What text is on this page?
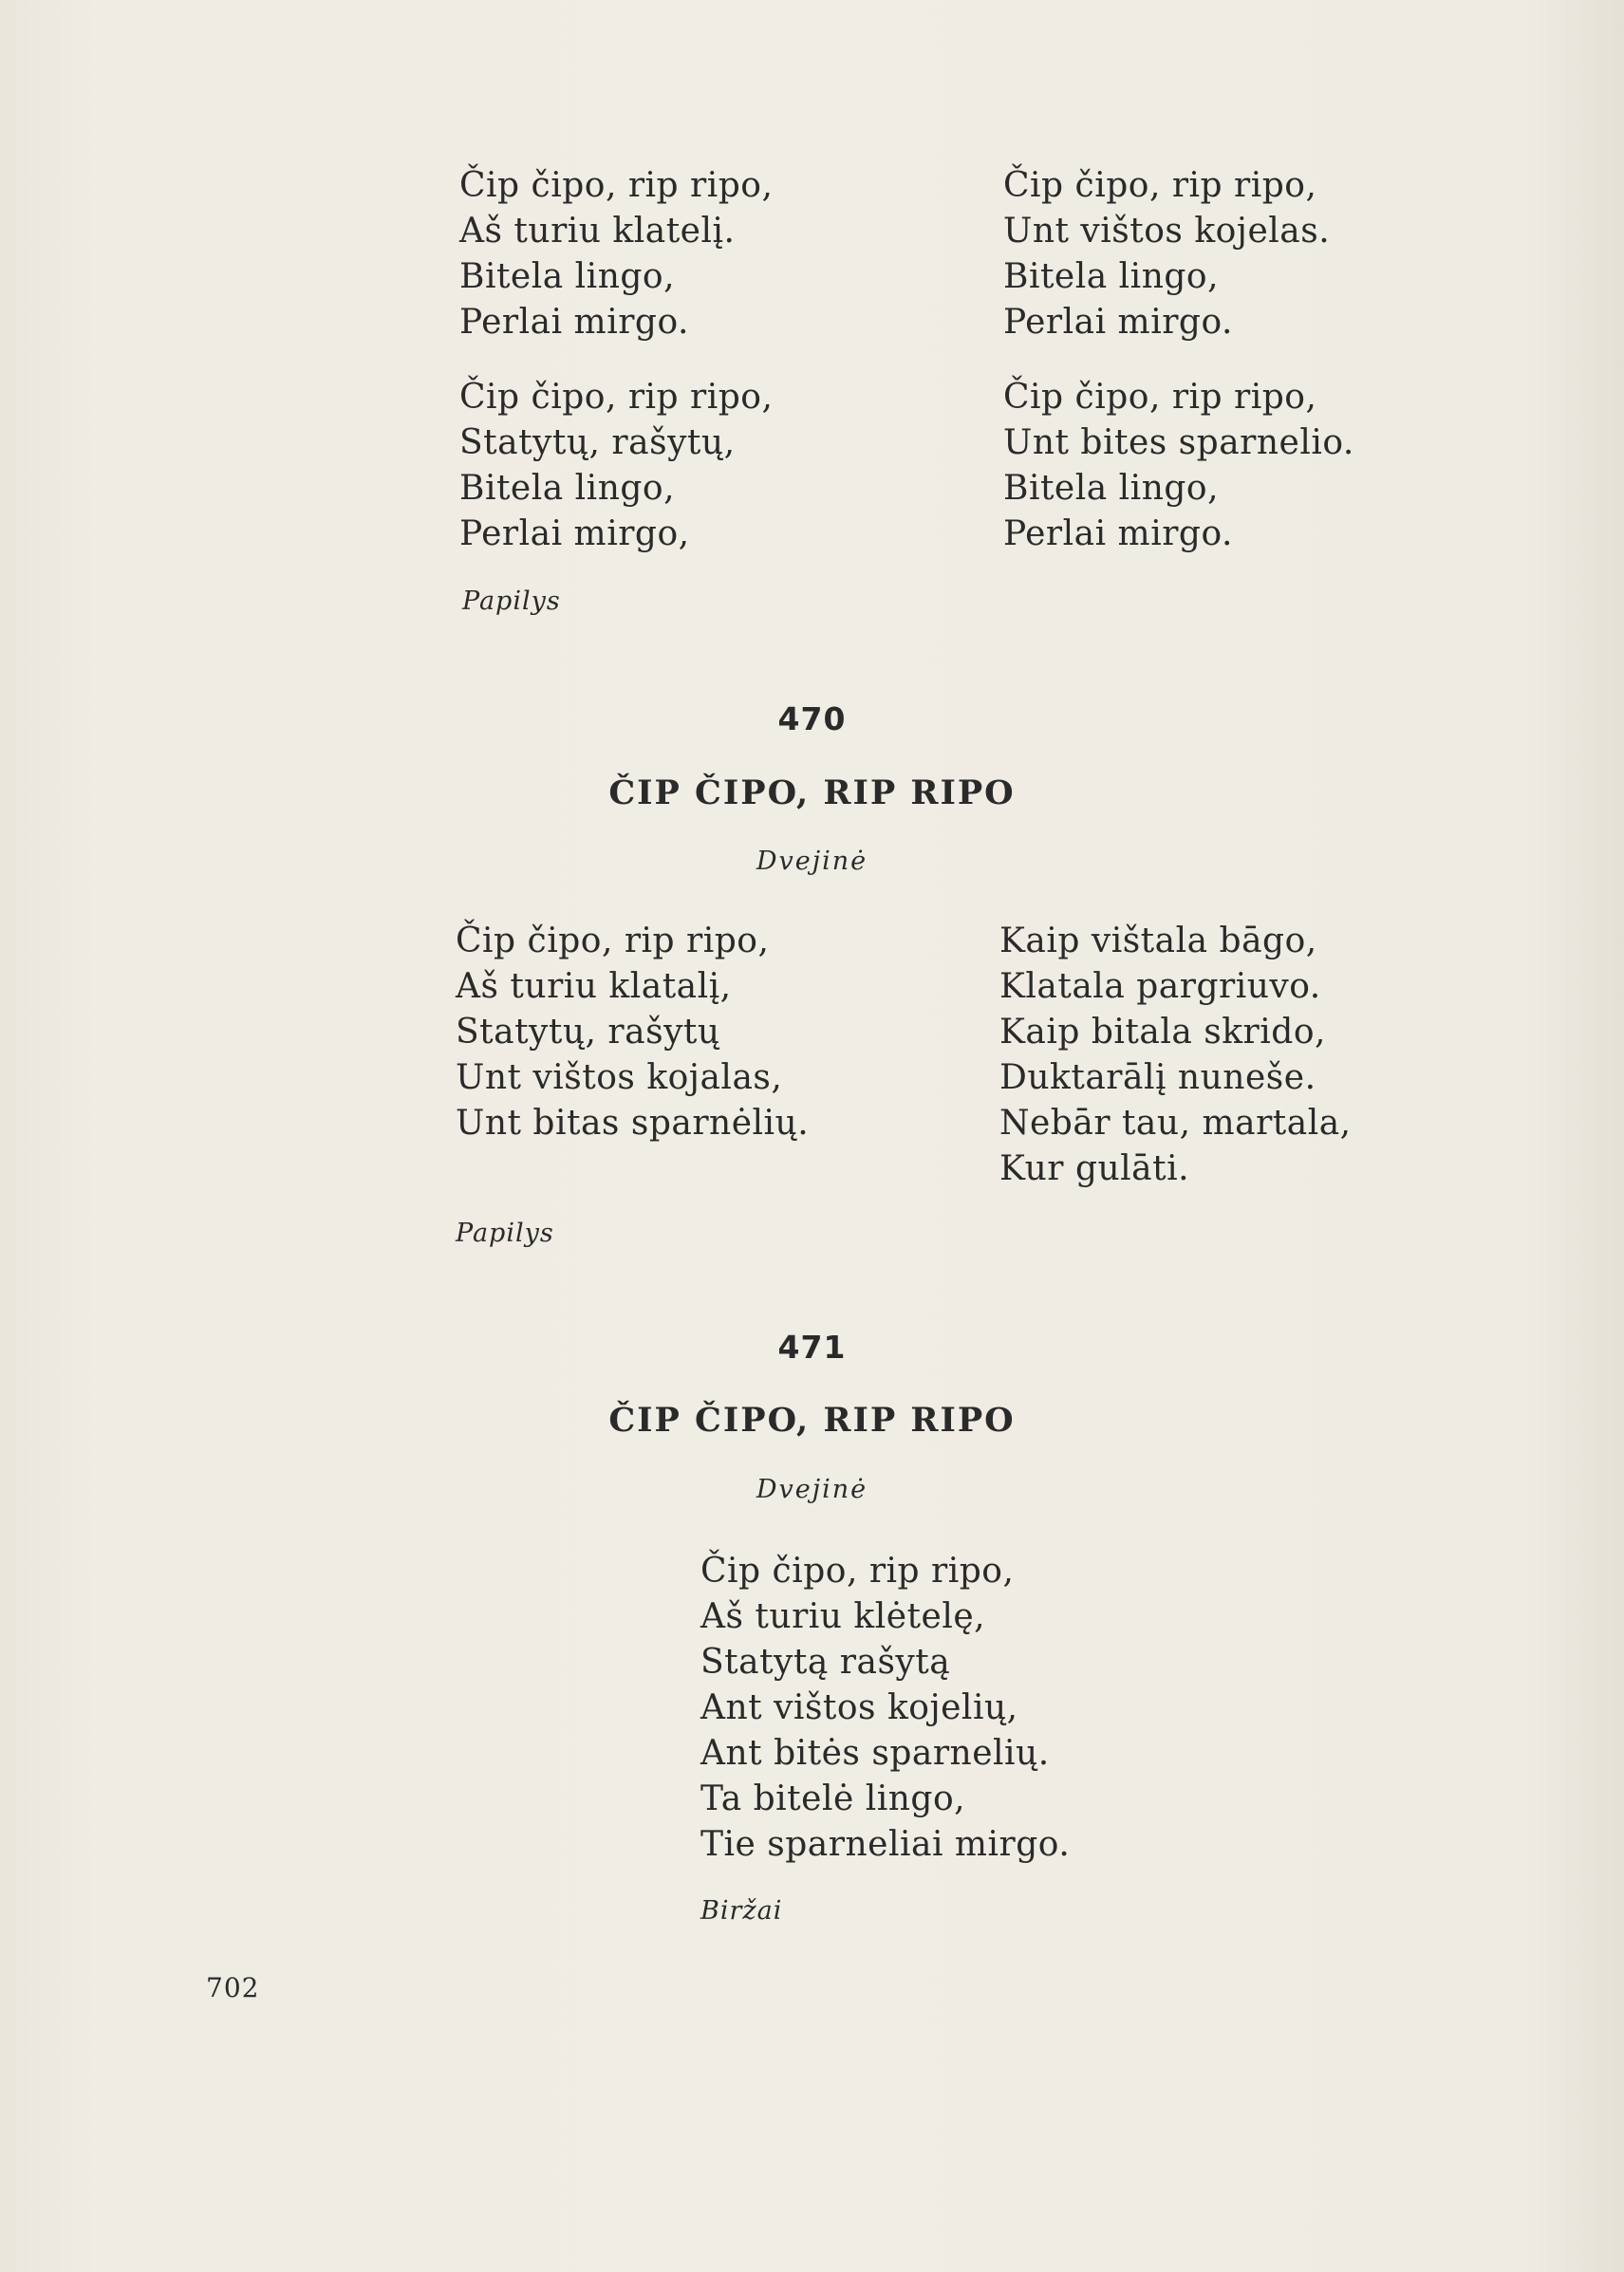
Čip čipo, rip ripo,
Aš turiu klatelį.
Bitela lingo,
Perlai mirgo.
Čip čipo, rip ripo,
Unt vištos kojelas.
Bitela lingo,
Perlai mirgo.
Čip čipo, rip ripo,
Statytų, rašytų,
Bitela lingo,
Perlai mirgo,
Čip čipo, rip ripo,
Unt bites sparnelio.
Bitela lingo,
Perlai mirgo.
Papilys
470
ČIP ČIPO, RIP RIPO
Dvejinė
Čip čipo, rip ripo,
Aš turiu klatalį,
Statytų, rašytų
Unt vištos kojalas,
Unt bitas sparnėlių.
Kaip vištala bāgo,
Klatala pargriuvo.
Kaip bitala skrido,
Duktarālį nuneše.
Nebār tau, martala,
Kur gulāti.
Papilys
471
ČIP ČIPO, RIP RIPO
Dvejinė
Čip čipo, rip ripo,
Aš turiu klėtelę,
Statytą rašytą
Ant vištos kojelių,
Ant bitės sparnelių.
Ta bitelė lingo,
Tie sparneliai mirgo.
Biržai
702
